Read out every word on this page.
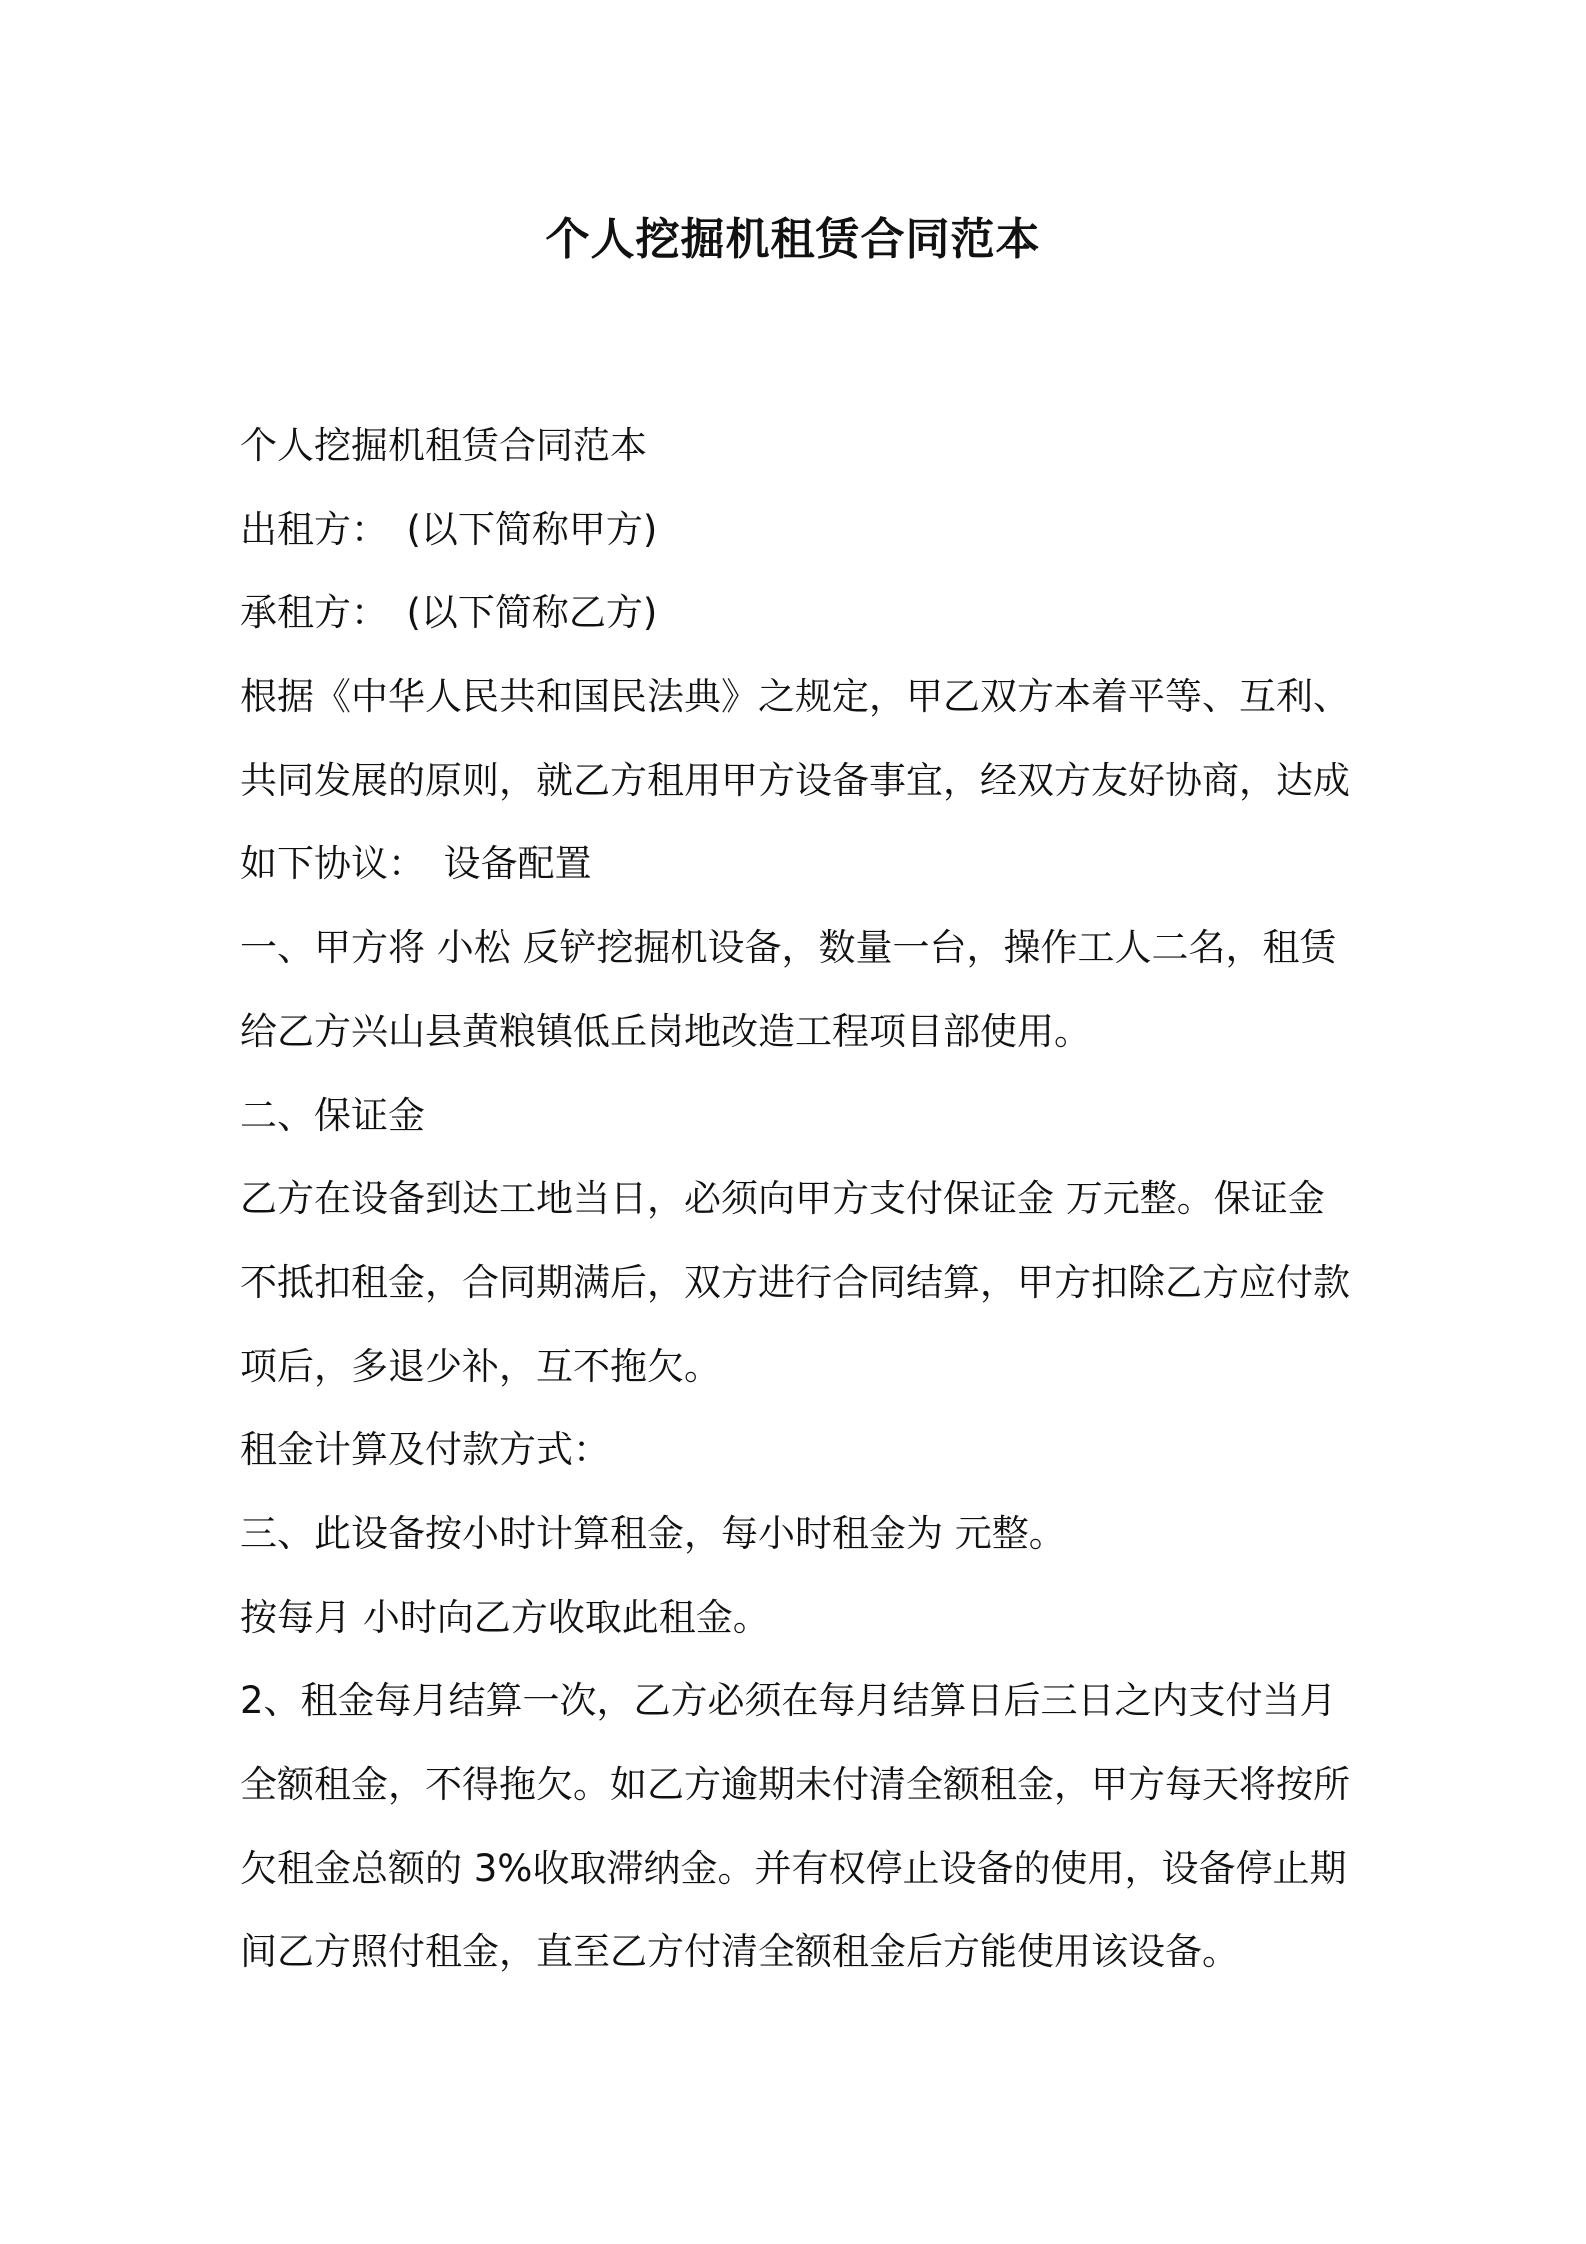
个人挖掘机租赁合同范本
个人挖掘机租赁合同范本
出租方：　(以下简称甲方)
承租方：　(以下简称乙方)
根据《中华人民共和国民法典》之规定，甲乙双方本着平等、互利、
共同发展的原则，就乙方租用甲方设备事宜，经双方友好协商，达成
如下协议：　设备配置
一、甲方将 小松 反铲挖掘机设备，数量一台，操作工人二名，租赁
给乙方兴山县黄粮镇低丘岗地改造工程项目部使用。
二、保证金
乙方在设备到达工地当日，必须向甲方支付保证金 万元整。保证金
不抵扣租金，合同期满后，双方进行合同结算，甲方扣除乙方应付款
项后，多退少补，互不拖欠。
租金计算及付款方式：
三、此设备按小时计算租金，每小时租金为 元整。
按每月 小时向乙方收取此租金。
2、租金每月结算一次，乙方必须在每月结算日后三日之内支付当月
全额租金，不得拖欠。如乙方逾期未付清全额租金，甲方每天将按所
欠租金总额的 3%收取滞纳金。并有权停止设备的使用，设备停止期
间乙方照付租金，直至乙方付清全额租金后方能使用该设备。
